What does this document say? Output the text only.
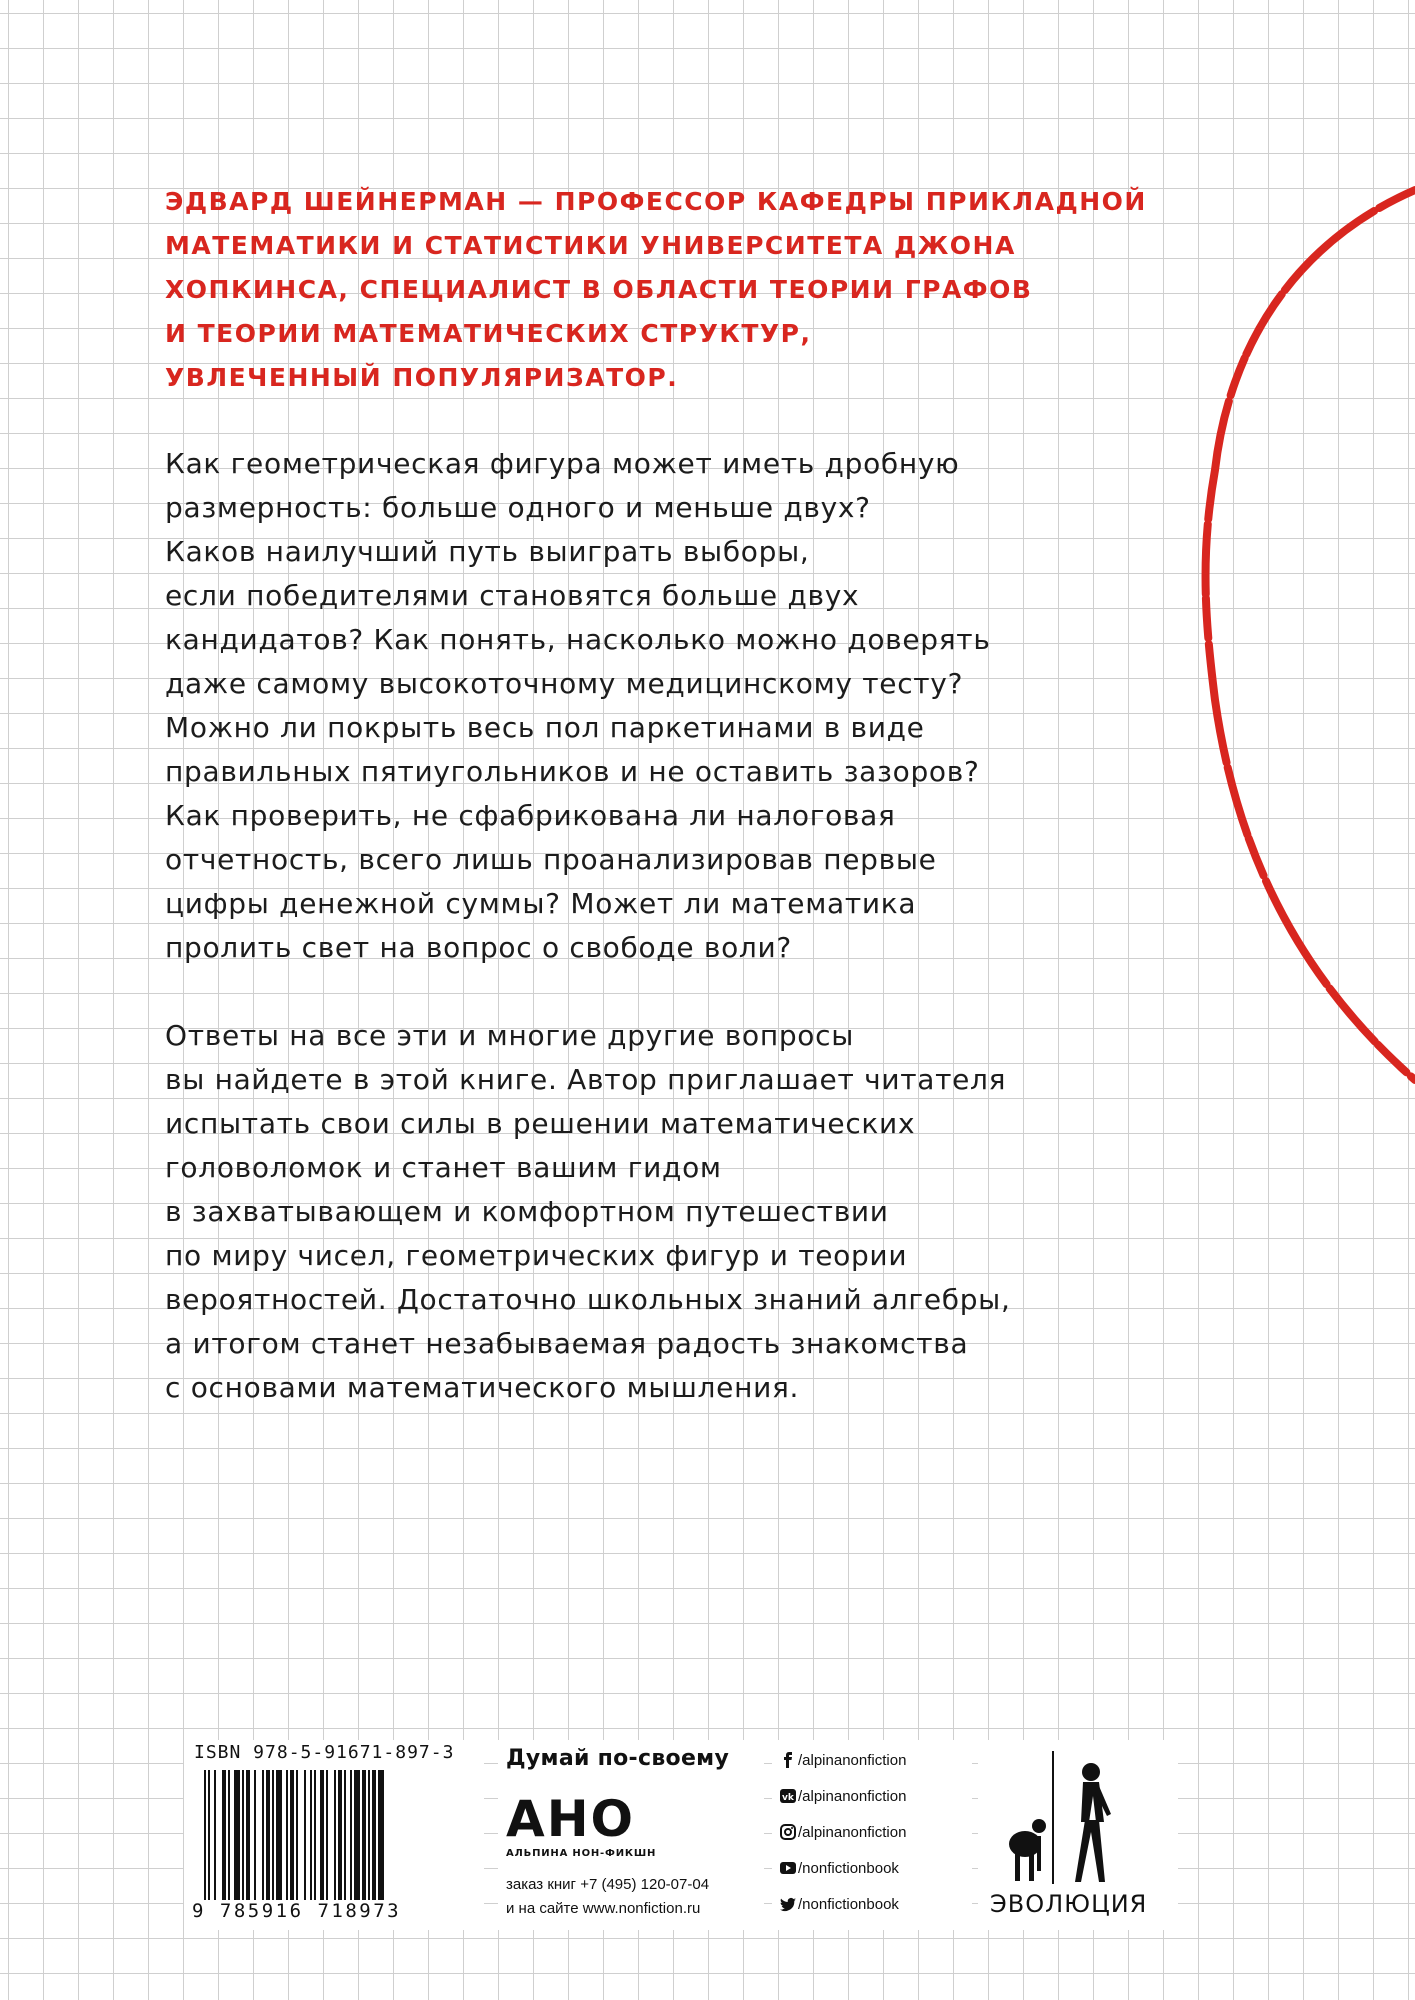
ЭДВАРД ШЕЙНЕРМАН — ПРОФЕССОР КАФЕДРЫ ПРИКЛАДНОЙ
МАТЕМАТИКИ И СТАТИСТИКИ УНИВЕРСИТЕТА ДЖОНА
ХОПКИНСА, СПЕЦИАЛИСТ В ОБЛАСТИ ТЕОРИИ ГРАФОВ
И ТЕОРИИ МАТЕМАТИЧЕСКИХ СТРУКТУР,
УВЛЕЧЕННЫЙ ПОПУЛЯРИЗАТОР.
Как геометрическая фигура может иметь дробную
размерность: больше одного и меньше двух?
Каков наилучший путь выиграть выборы,
если победителями становятся больше двух
кандидатов? Как понять, насколько можно доверять
даже самому высокоточному медицинскому тесту?
Можно ли покрыть весь пол паркетинами в виде
правильных пятиугольников и не оставить зазоров?
Как проверить, не сфабрикована ли налоговая
отчетность, всего лишь проанализировав первые
цифры денежной суммы? Может ли математика
пролить свет на вопрос о свободе воли?
Ответы на все эти и многие другие вопросы
вы найдете в этой книге. Автор приглашает читателя
испытать свои силы в решении математических
головоломок и станет вашим гидом
в захватывающем и комфортном путешествии
по миру чисел, геометрических фигур и теории
вероятностей. Достаточно школьных знаний алгебры,
а итогом станет незабываемая радость знакомства
с основами математического мышления.
ISBN 978-5-91671-897-3
9 785916 718973
Думай по-своему
АНО
АЛЬПИНА НОН-ФИКШН
заказ книг +7 (495) 120-07-04
и на сайте www.nonfiction.ru
/alpinanonfiction
vk /alpinanonfiction
/alpinanonfiction
/nonfictionbook
/nonfictionbook	ЭВОЛЮЦИЯ
